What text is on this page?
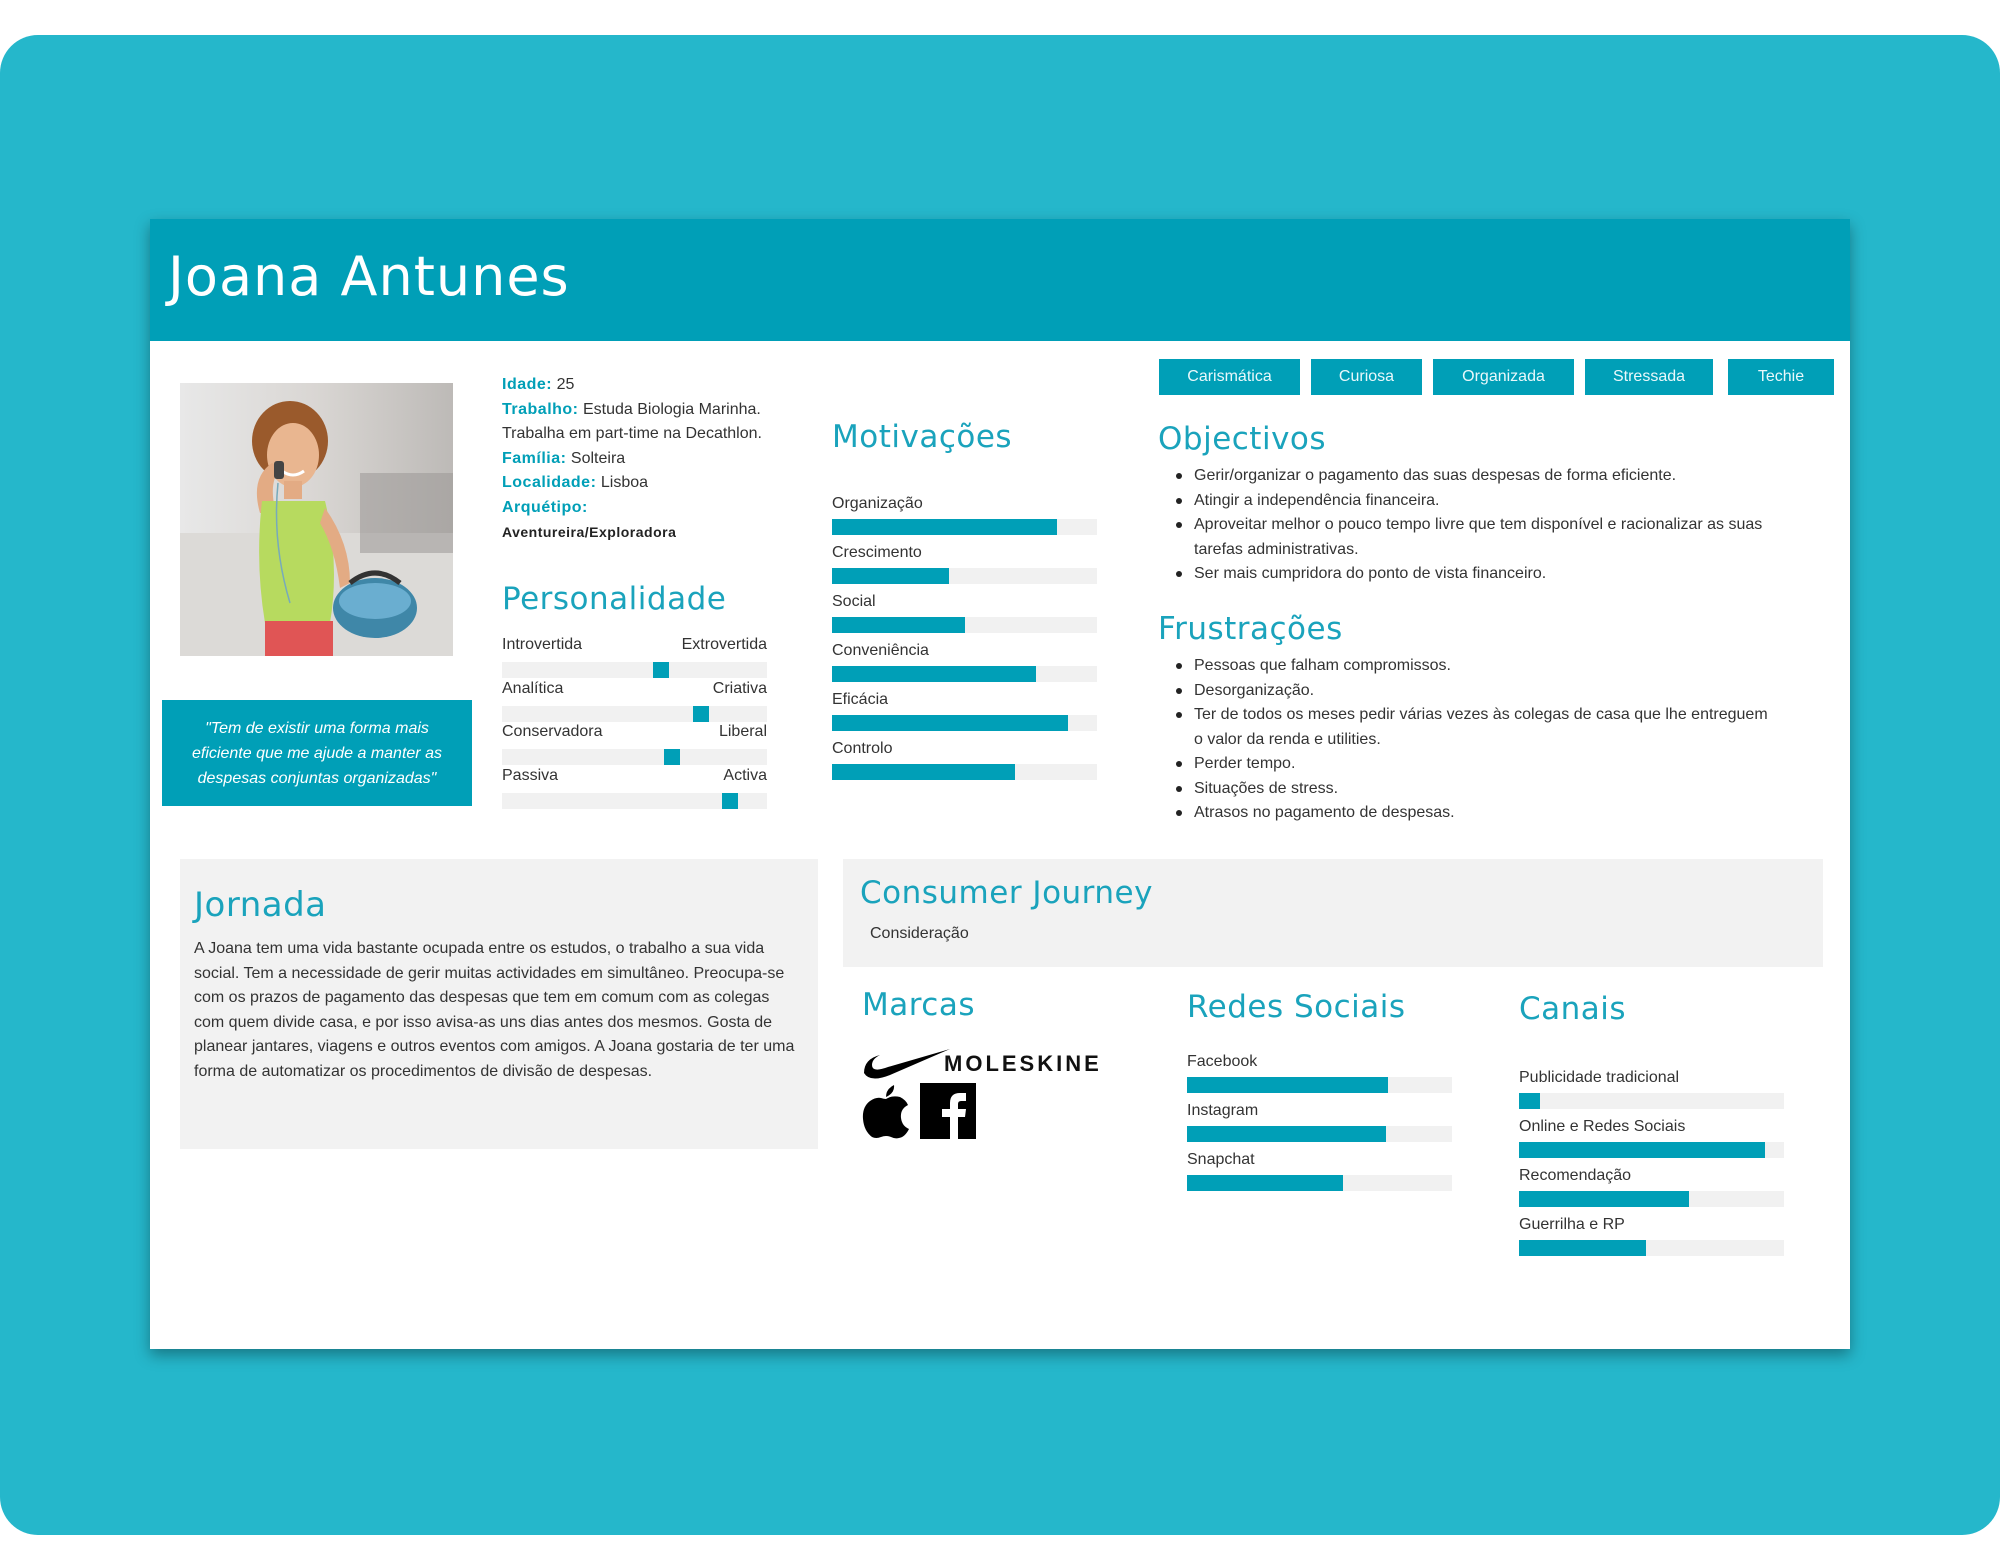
Joana Antunes
"Tem de existir uma forma mais eficiente que me ajude a manter as despesas conjuntas organizadas"
Idade: 25
Trabalho: Estuda Biologia Marinha.
Trabalha em part-time na Decathlon.
Família: Solteira
Localidade: Lisboa
Arquétipo:
Aventureira/Exploradora
Personalidade
Introvertida	Extrovertida
Analítica	Criativa
Conservadora	Liberal
Passiva	Activa
Motivações
Organização
Crescimento
Social
Conveniência
Eficácia
Controlo
Carismática	Curiosa	Organizada	Stressada	Techie
Objectivos
Gerir/organizar o pagamento das suas despesas de forma eficiente.
Atingir a independência financeira.
Aproveitar melhor o pouco tempo livre que tem disponível e racionalizar as suas tarefas administrativas.
Ser mais cumpridora do ponto de vista financeiro.
Frustrações
Pessoas que falham compromissos.
Desorganização.
Ter de todos os meses pedir várias vezes às colegas de casa que lhe entreguem o valor da renda e utilities.
Perder tempo.
Situações de stress.
Atrasos no pagamento de despesas.
Jornada

A Joana tem uma vida bastante ocupada entre os estudos, o trabalho a sua vida social. Tem a necessidade de gerir muitas actividades em simultâneo. Preocupa-se com os prazos de pagamento das despesas que tem em comum com as colegas com quem divide casa, e por isso avisa-as uns dias antes dos mesmos. Gosta de planear jantares, viagens e outros eventos com amigos. A Joana gostaria de ter uma forma de automatizar os procedimentos de divisão de despesas.

Consumer Journey
Consideração
Marcas
MOLESKINE
Redes Sociais
Facebook
Instagram
Snapchat
Canais
Publicidade tradicional
Online e Redes Sociais
Recomendação
Guerrilha e RP
